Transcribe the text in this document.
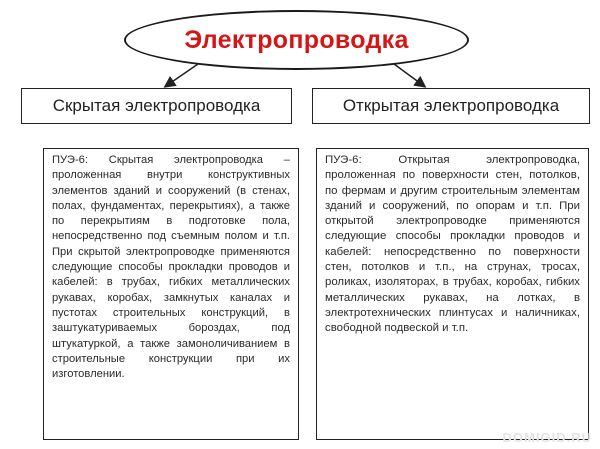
Электропроводка
Скрытая электропроводка	Открытая электропроводка
ПУЭ-6: Скрытая электропроводка – проложенная внутри конструктивных элементов зданий и сооружений (в стенах, полах, фундаментах, перекрытиях), а также по перекрытиям в подготовке пола, непосредственно под съемным полом и т.п. При скрытой электропроводке применяются следующие способы прокладки проводов и кабелей: в трубах, гибких металлических рукавах, коробах, замкнутых каналах и пустотах строительных конструкций, в заштукатуриваемых бороздах, под штукатуркой, а также замоноличиванием в строительные конструкции при их изготовлении.
ПУЭ-6: Открытая электропроводка, проложенная по поверхности стен, потолков, по фермам и другим строительным элементам зданий и сооружений, по опорам и т.п. При открытой электропроводке применяются следующие способы прокладки проводов и кабелей: непосредственно по поверхности стен, потолков и т.п., на струнах, тросах, роликах, изоляторах, в трубах, коробах, гибких металлических рукавах, на лотках, в электротехнических плинтусах и наличниках, свободной подвеской и т.п.
DOMIGID.RU
